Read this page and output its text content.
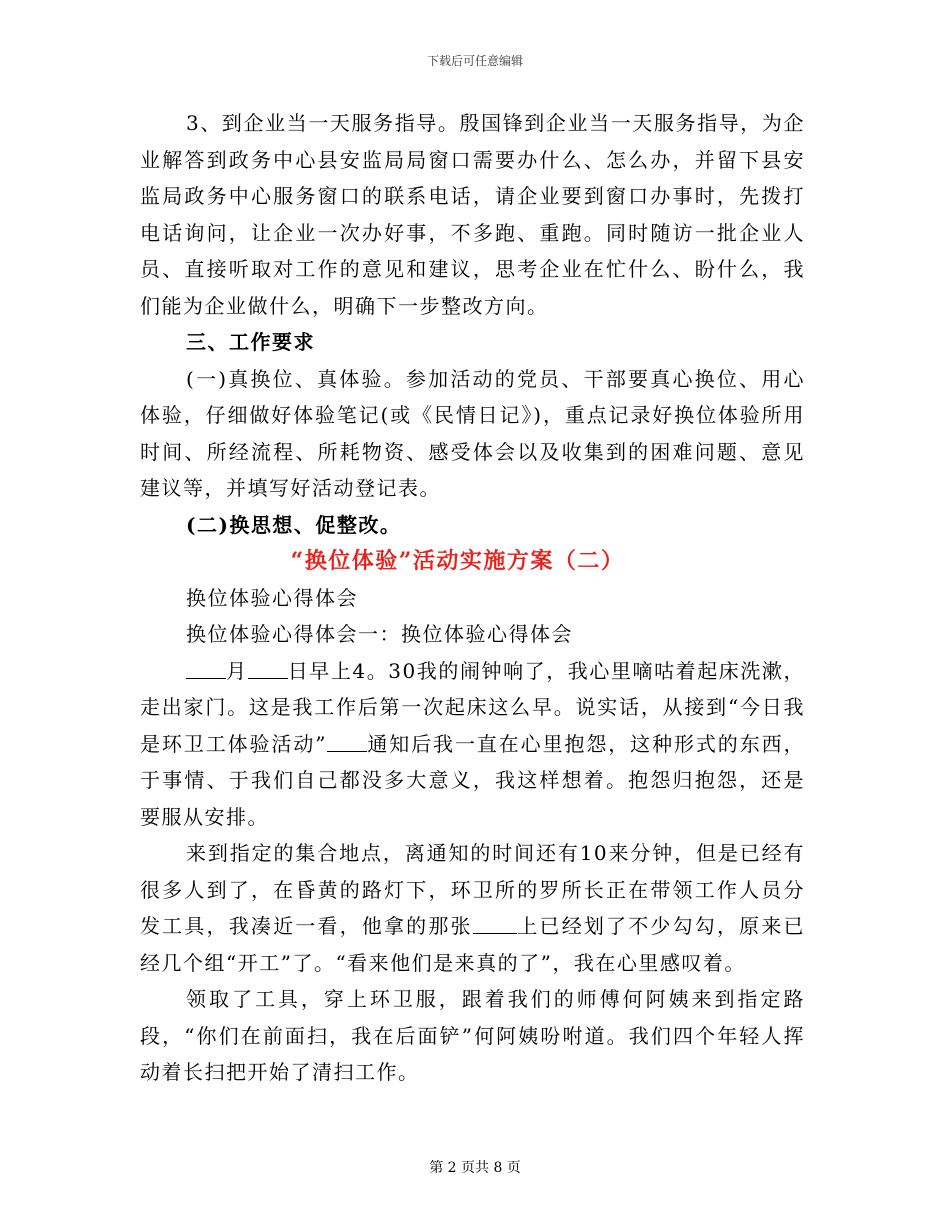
下载后可任意编辑

3、到企业当一天服务指导。殷国锋到企业当一天服务指导，为企业解答到政务中心县安监局局窗口需要办什么、怎么办，并留下县安监局政务中心服务窗口的联系电话，请企业要到窗口办事时，先拨打电话询问，让企业一次办好事，不多跑、重跑。同时随访一批企业人员、直接听取对工作的意见和建议，思考企业在忙什么、盼什么，我们能为企业做什么，明确下一步整改方向。

三、工作要求

(一)真换位、真体验。参加活动的党员、干部要真心换位、用心体验，仔细做好体验笔记(或《民情日记》)，重点记录好换位体验所用时间、所经流程、所耗物资、感受体会以及收集到的困难问题、意见建议等，并填写好活动登记表。

(二)换思想、促整改。

“换位体验”活动实施方案（二）

换位体验心得体会

换位体验心得体会一：换位体验心得体会

月 日早上4。30我的闹钟响了，我心里嘀咕着起床洗漱，走出家门。这是我工作后第一次起床这么早。说实话，从接到“今日我是环卫工体验活动” 通知后我一直在心里抱怨，这种形式的东西，于事情、于我们自己都没多大意义，我这样想着。抱怨归抱怨，还是要服从安排。

来到指定的集合地点，离通知的时间还有10来分钟，但是已经有很多人到了，在昏黄的路灯下，环卫所的罗所长正在带领工作人员分发工具，我凑近一看，他拿的那张 上已经划了不少勾勾，原来已经几个组“开工”了。“看来他们是来真的了”，我在心里感叹着。

领取了工具，穿上环卫服，跟着我们的师傅何阿姨来到指定路段，“你们在前面扫，我在后面铲”何阿姨吩咐道。我们四个年轻人挥动着长扫把开始了清扫工作。

第 2 页共 8 页
